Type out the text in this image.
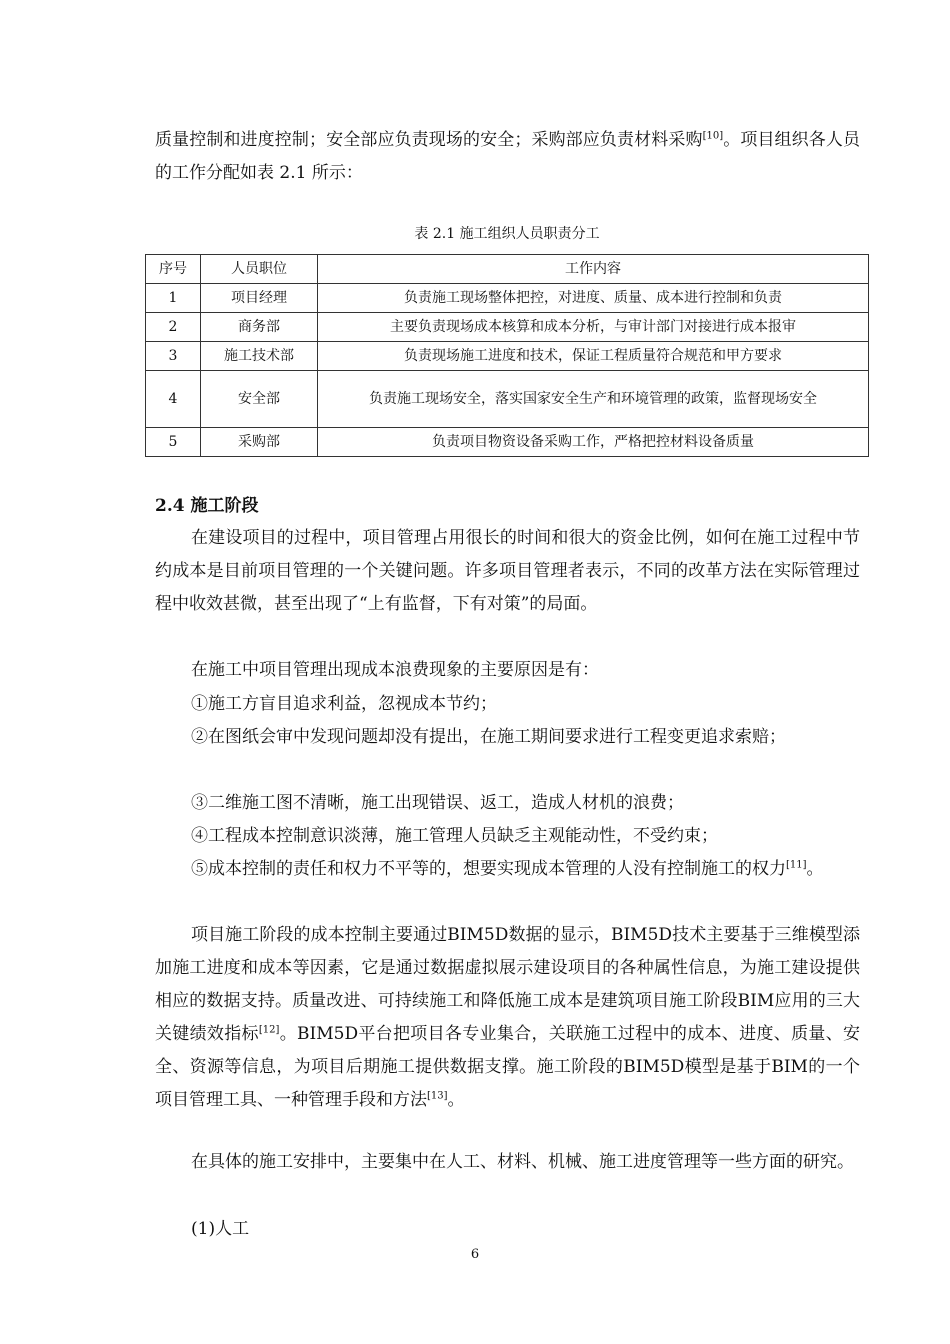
质量控制和进度控制；安全部应负责现场的安全；采购部应负责材料采购[10]。项目组织各人员的工作分配如表 2.1 所示：

表 2.1 施工组织人员职责分工
序号	人员职位	工作内容
1	项目经理	负责施工现场整体把控，对进度、质量、成本进行控制和负责
2	商务部	主要负责现场成本核算和成本分析，与审计部门对接进行成本报审
3	施工技术部	负责现场施工进度和技术，保证工程质量符合规范和甲方要求
4	安全部	负责施工现场安全，落实国家安全生产和环境管理的政策，监督现场安全
5	采购部	负责项目物资设备采购工作，严格把控材料设备质量
2.4 施工阶段

在建设项目的过程中，项目管理占用很长的时间和很大的资金比例，如何在施工过程中节约成本是目前项目管理的一个关键问题。许多项目管理者表示，不同的改革方法在实际管理过程中收效甚微，甚至出现了“上有监督，下有对策”的局面。

在施工中项目管理出现成本浪费现象的主要原因是有：

①施工方盲目追求利益，忽视成本节约；

②在图纸会审中发现问题却没有提出，在施工期间要求进行工程变更追求索赔；

③二维施工图不清晰，施工出现错误、返工，造成人材机的浪费；

④工程成本控制意识淡薄，施工管理人员缺乏主观能动性，不受约束；

⑤成本控制的责任和权力不平等的，想要实现成本管理的人没有控制施工的权力[11]。

项目施工阶段的成本控制主要通过BIM5D数据的显示，BIM5D技术主要基于三维模型添加施工进度和成本等因素，它是通过数据虚拟展示建设项目的各种属性信息，为施工建设提供相应的数据支持。质量改进、可持续施工和降低施工成本是建筑项目施工阶段BIM应用的三大关键绩效指标[12]。BIM5D平台把项目各专业集合，关联施工过程中的成本、进度、质量、安全、资源等信息，为项目后期施工提供数据支撑。施工阶段的BIM5D模型是基于BIM的一个项目管理工具、一种管理手段和方法[13]。

在具体的施工安排中，主要集中在人工、材料、机械、施工进度管理等一些方面的研究。

(1)人工

6
